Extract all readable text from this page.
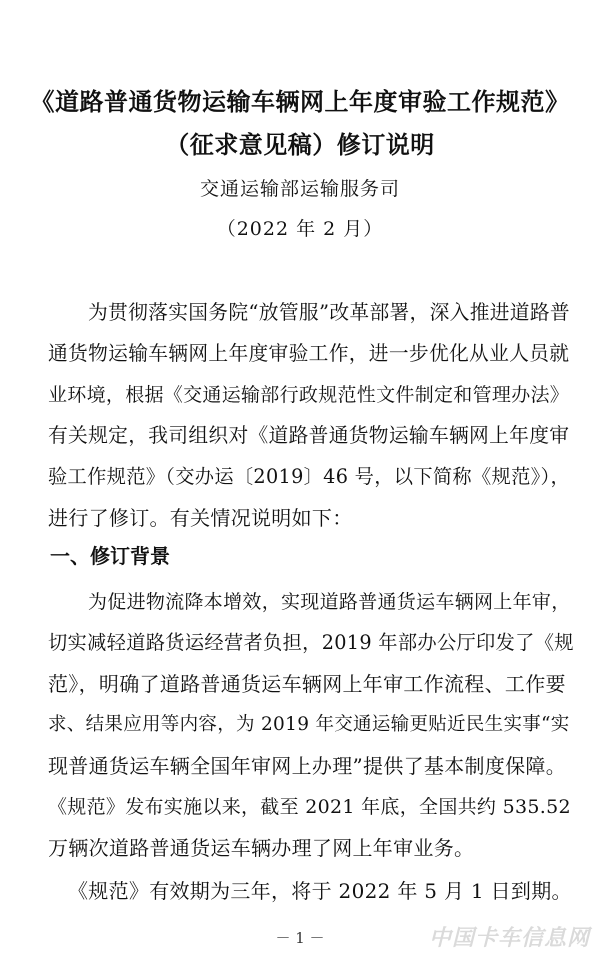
《道路普通货物运输车辆网上年度审验工作规范》
（征求意见稿）修订说明
交通运输部运输服务司
（2022 年 2 月）
为贯彻落实国务院“放管服”改革部署，深入推进道路普
通货物运输车辆网上年度审验工作，进一步优化从业人员就
业环境，根据《交通运输部行政规范性文件制定和管理办法》
有关规定，我司组织对《道路普通货物运输车辆网上年度审
验工作规范》（交办运〔2019〕46 号，以下简称《规范》），
进行了修订。有关情况说明如下：
一、修订背景
为促进物流降本增效，实现道路普通货运车辆网上年审，
切实减轻道路货运经营者负担，2019 年部办公厅印发了《规
范》，明确了道路普通货运车辆网上年审工作流程、工作要
求、结果应用等内容，为 2019 年交通运输更贴近民生实事“实
现普通货运车辆全国年审网上办理”提供了基本制度保障。
《规范》发布实施以来，截至 2021 年底，全国共约 535.52
万辆次道路普通货运车辆办理了网上年审业务。
《规范》有效期为三年，将于 2022 年 5 月 1 日到期。
－ 1 －	中国卡车信息网
